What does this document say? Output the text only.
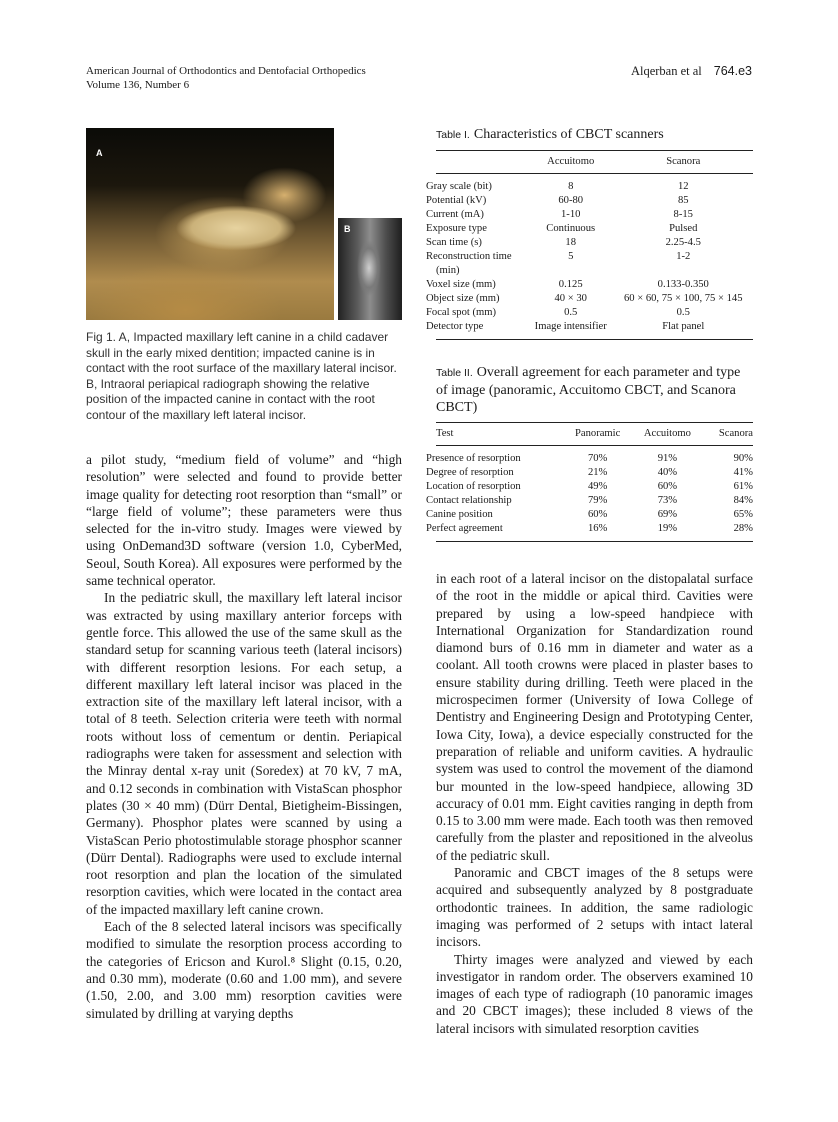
American Journal of Orthodontics and Dentofacial Orthopedics
Volume 136, Number 6
Alqerban et al 764.e3
A
B
Fig 1. A, Impacted maxillary left canine in a child cadaver skull in the early mixed dentition; impacted canine is in contact with the root surface of the maxillary lateral incisor. B, Intraoral periapical radiograph showing the relative position of the impacted canine in contact with the root contour of the maxillary left lateral incisor.
Table I. Characteristics of CBCT scanners
	Accuitomo	Scanora
Gray scale (bit)	8	12
Potential (kV)	60-80	85
Current (mA)	1-10	8-15
Exposure type	Continuous	Pulsed
Scan time (s)	18	2.25-4.5
Reconstruction time (min)	5	1-2
Voxel size (mm)	0.125	0.133-0.350
Object size (mm)	40 × 30	60 × 60, 75 × 100, 75 × 145
Focal spot (mm)	0.5	0.5
Detector type	Image intensifier	Flat panel
Table II. Overall agreement for each parameter and type of image (panoramic, Accuitomo CBCT, and Scanora CBCT)
Test	Panoramic	Accuitomo	Scanora
Presence of resorption	70%	91%	90%
Degree of resorption	21%	40%	41%
Location of resorption	49%	60%	61%
Contact relationship	79%	73%	84%
Canine position	60%	69%	65%
Perfect agreement	16%	19%	28%

a pilot study, “medium field of volume” and “high resolution” were selected and found to provide better image quality for detecting root resorption than “small” or “large field of volume”; these parameters were thus selected for the in-vitro study. Images were viewed by using OnDemand3D software (version 1.0, CyberMed, Seoul, South Korea). All exposures were performed by the same technical operator.

In the pediatric skull, the maxillary left lateral incisor was extracted by using maxillary anterior forceps with gentle force. This allowed the use of the same skull as the standard setup for scanning various teeth (lateral incisors) with different resorption lesions. For each setup, a different maxillary left lateral incisor was placed in the extraction site of the maxillary left lateral incisor, with a total of 8 teeth. Selection criteria were teeth with normal roots without loss of cementum or dentin. Periapical radiographs were taken for assessment and selection with the Minray dental x-ray unit (Soredex) at 70 kV, 7 mA, and 0.12 seconds in combination with VistaScan phosphor plates (30 × 40 mm) (Dürr Dental, Bietigheim-Bissingen, Germany). Phosphor plates were scanned by using a VistaScan Perio photostimulable storage phosphor scanner (Dürr Dental). Radiographs were used to exclude internal root resorption and plan the location of the simulated resorption cavities, which were located in the contact area of the impacted maxillary left canine crown.

Each of the 8 selected lateral incisors was specifically modified to simulate the resorption process according to the categories of Ericson and Kurol.⁸ Slight (0.15, 0.20, and 0.30 mm), moderate (0.60 and 1.00 mm), and severe (1.50, 2.00, and 3.00 mm) resorption cavities were simulated by drilling at varying depths

in each root of a lateral incisor on the distopalatal surface of the root in the middle or apical third. Cavities were prepared by using a low-speed handpiece with International Organization for Standardization round diamond burs of 0.16 mm in diameter and water as a coolant. All tooth crowns were placed in plaster bases to ensure stability during drilling. Teeth were placed in the microspecimen former (University of Iowa College of Dentistry and Engineering Design and Prototyping Center, Iowa City, Iowa), a device especially constructed for the preparation of reliable and uniform cavities. A hydraulic system was used to control the movement of the diamond bur mounted in the low-speed handpiece, allowing 3D accuracy of 0.01 mm. Eight cavities ranging in depth from 0.15 to 3.00 mm were made. Each tooth was then removed carefully from the plaster and repositioned in the alveolus of the pediatric skull.

Panoramic and CBCT images of the 8 setups were acquired and subsequently analyzed by 8 postgraduate orthodontic trainees. In addition, the same radiologic imaging was performed of 2 setups with intact lateral incisors.

Thirty images were analyzed and viewed by each investigator in random order. The observers examined 10 images of each type of radiograph (10 panoramic images and 20 CBCT images); these included 8 views of the lateral incisors with simulated resorption cavities
